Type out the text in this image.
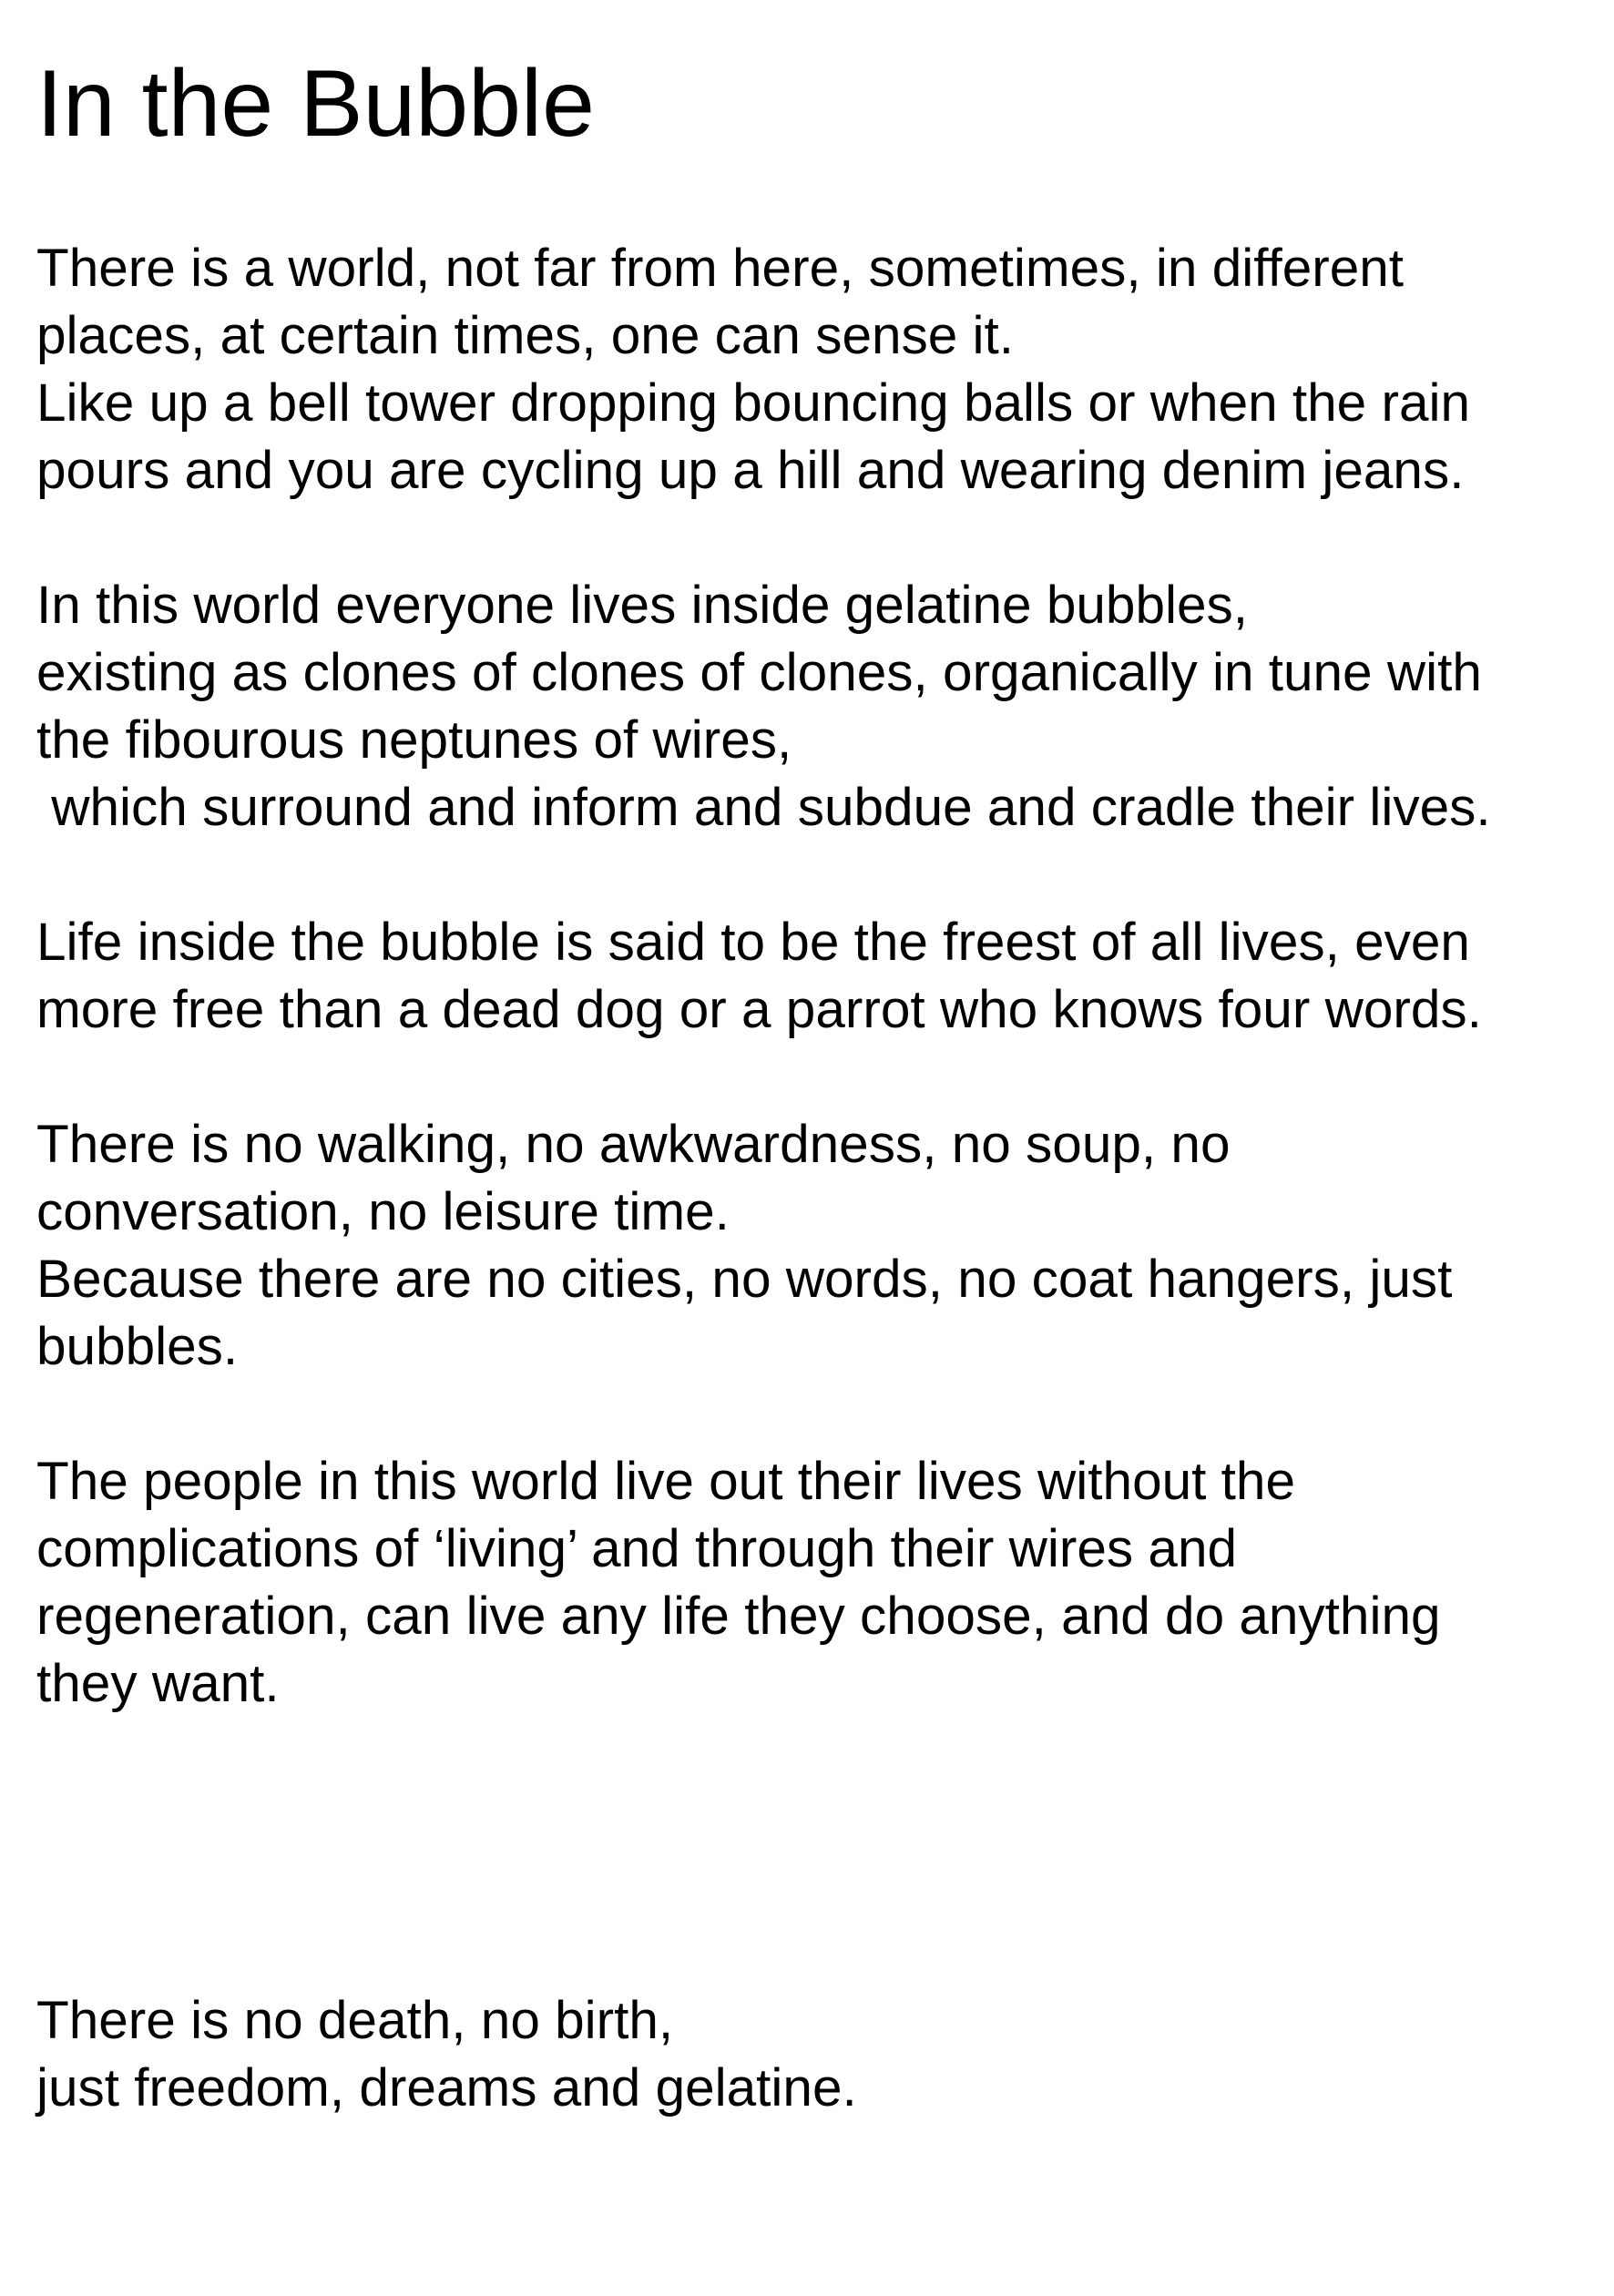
In the Bubble

There is a world, not far from here, sometimes, in different

places, at certain times, one can sense it.

Like up a bell tower dropping bouncing balls or when the rain

pours and you are cycling up a hill and wearing denim jeans.

In this world everyone lives inside gelatine bubbles,

existing as clones of clones of clones, organically in tune with

the fibourous neptunes of wires,

which surround and inform and subdue and cradle their lives.

Life inside the bubble is said to be the freest of all lives, even

more free than a dead dog or a parrot who knows four words.

There is no walking, no awkwardness, no soup, no

conversation, no leisure time.

Because there are no cities, no words, no coat hangers, just

bubbles.

The people in this world live out their lives without the

complications of ‘living’ and through their wires and

regeneration, can live any life they choose, and do anything

they want.

There is no death, no birth,

just freedom, dreams and gelatine.
